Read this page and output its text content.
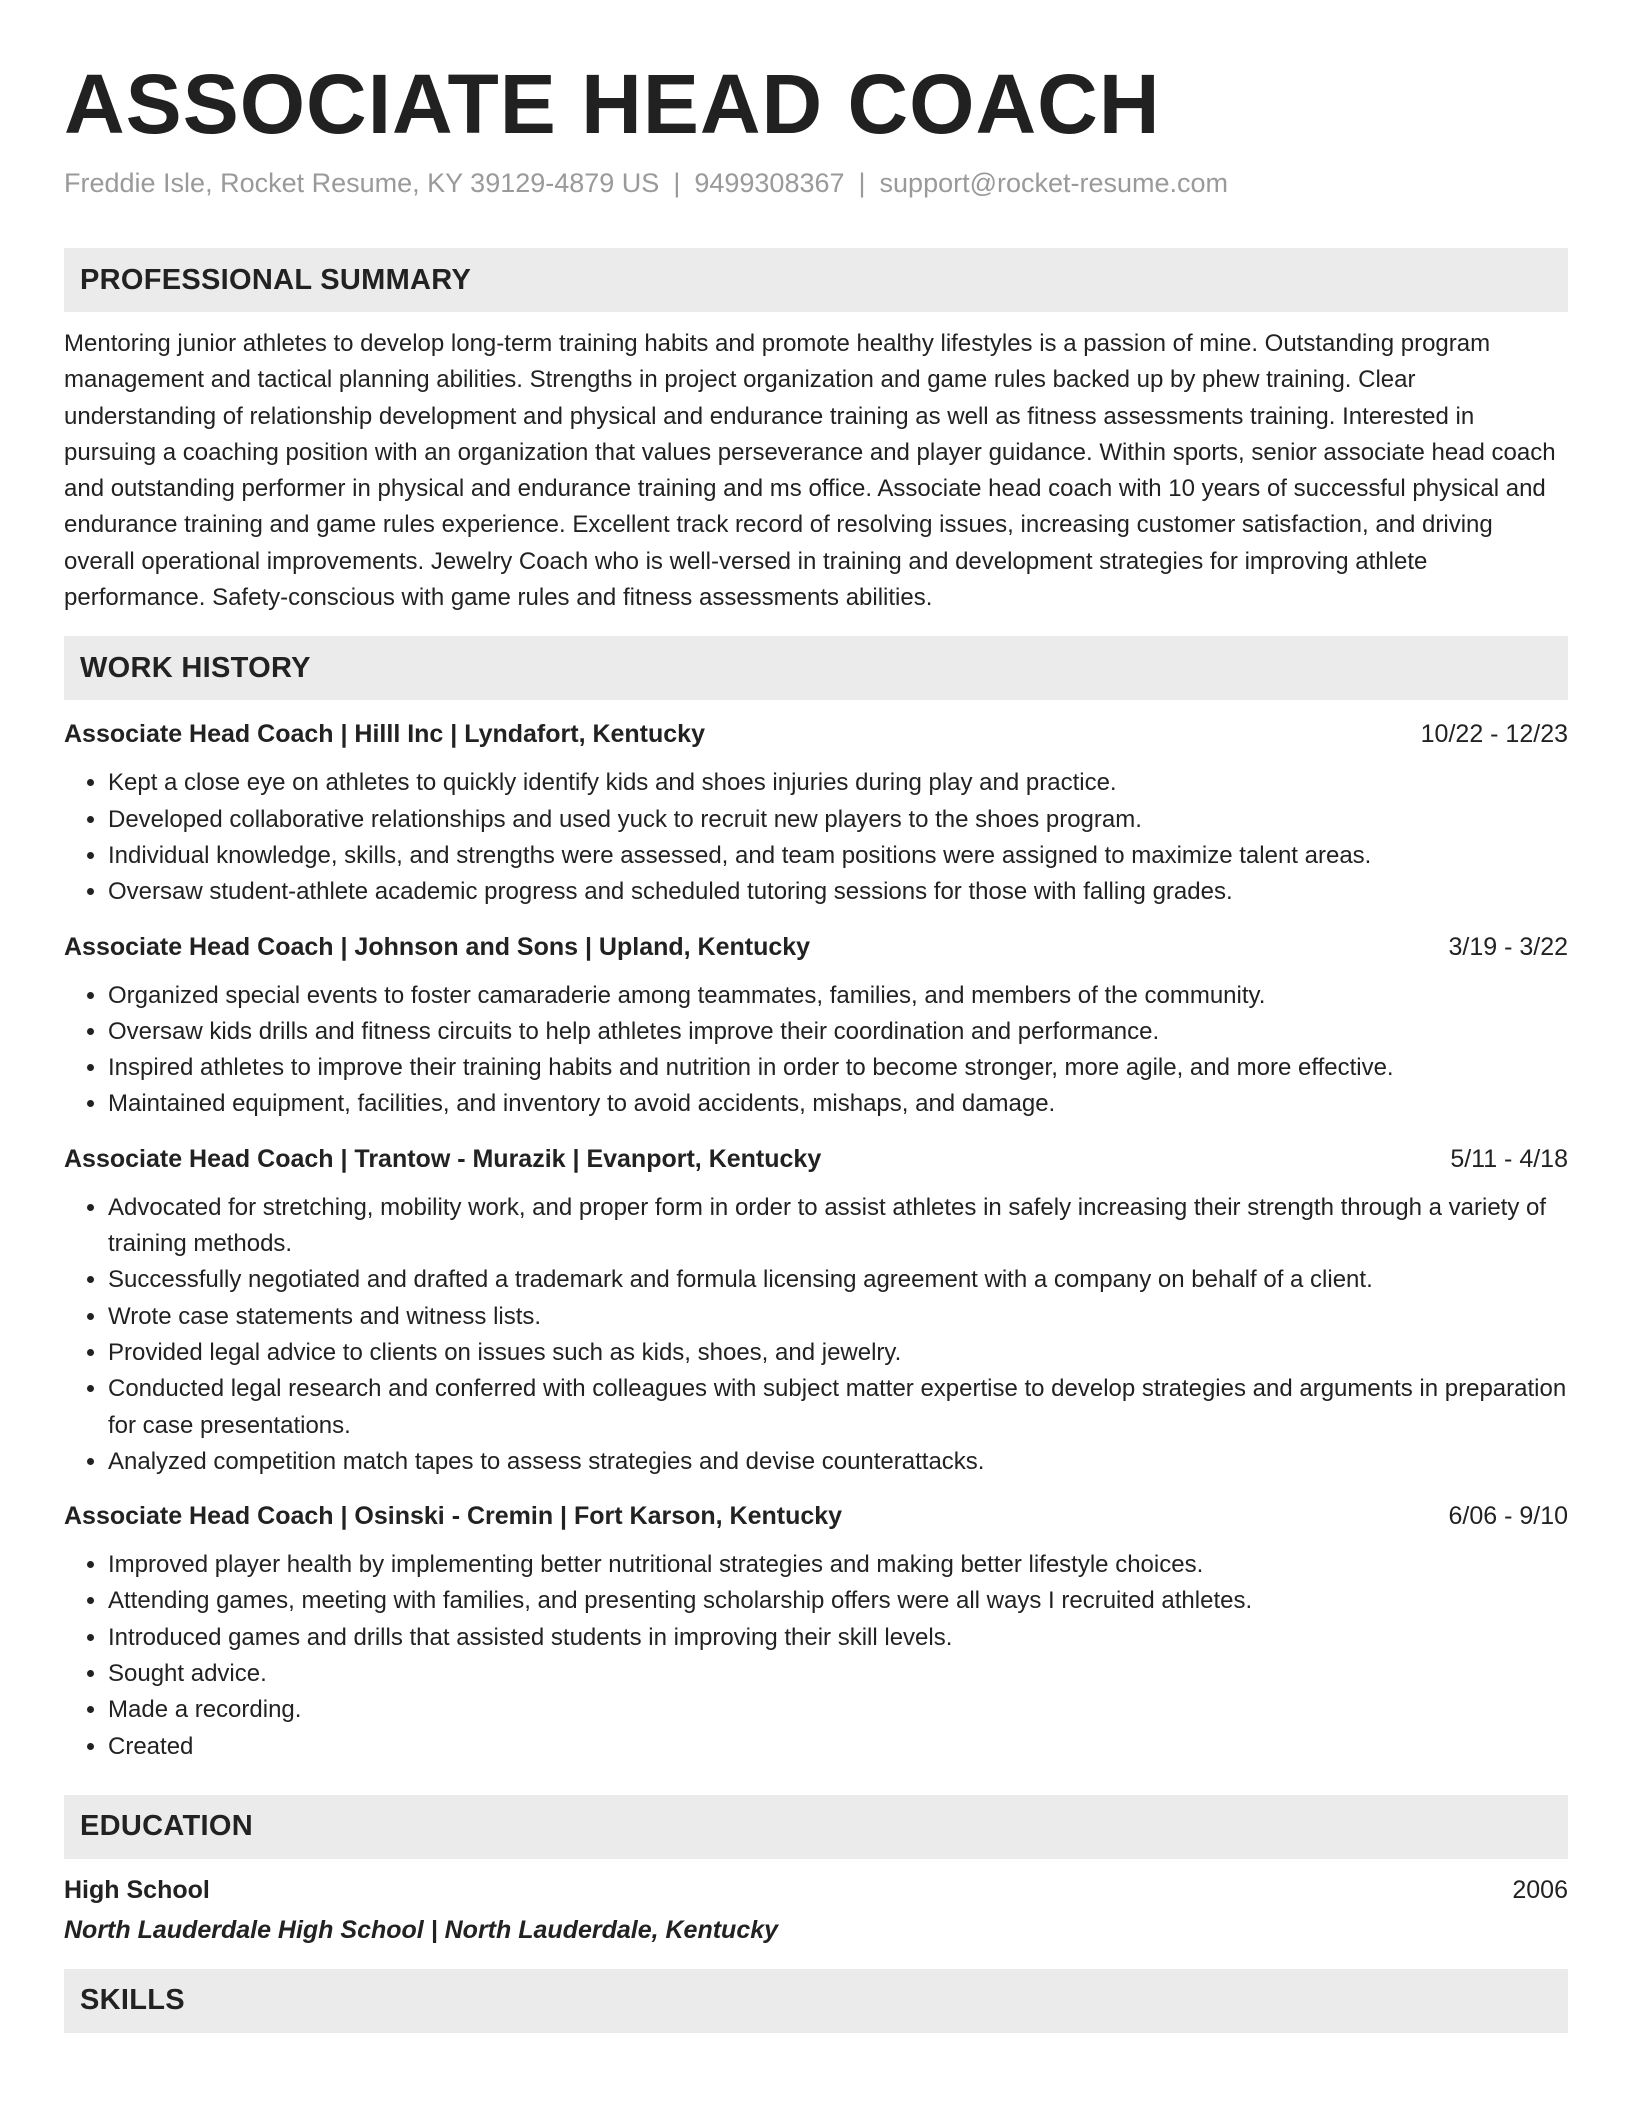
ASSOCIATE HEAD COACH
Freddie Isle, Rocket Resume, KY 39129-4879 US | 9499308367 | support@rocket-resume.com
PROFESSIONAL SUMMARY

Mentoring junior athletes to develop long-term training habits and promote healthy lifestyles is a passion of mine. Outstanding program management and tactical planning abilities. Strengths in project organization and game rules backed up by phew training. Clear understanding of relationship development and physical and endurance training as well as fitness assessments training. Interested in pursuing a coaching position with an organization that values perseverance and player guidance. Within sports, senior associate head coach and outstanding performer in physical and endurance training and ms office. Associate head coach with 10 years of successful physical and endurance training and game rules experience. Excellent track record of resolving issues, increasing customer satisfaction, and driving overall operational improvements. Jewelry Coach who is well-versed in training and development strategies for improving athlete performance. Safety-conscious with game rules and fitness assessments abilities.

WORK HISTORY
Associate Head Coach | Hilll Inc | Lyndafort, Kentucky	10/22 - 12/23
• Kept a close eye on athletes to quickly identify kids and shoes injuries during play and practice.
• Developed collaborative relationships and used yuck to recruit new players to the shoes program.
• Individual knowledge, skills, and strengths were assessed, and team positions were assigned to maximize talent areas.
• Oversaw student-athlete academic progress and scheduled tutoring sessions for those with falling grades.
Associate Head Coach | Johnson and Sons | Upland, Kentucky	3/19 - 3/22
• Organized special events to foster camaraderie among teammates, families, and members of the community.
• Oversaw kids drills and fitness circuits to help athletes improve their coordination and performance.
• Inspired athletes to improve their training habits and nutrition in order to become stronger, more agile, and more effective.
• Maintained equipment, facilities, and inventory to avoid accidents, mishaps, and damage.
Associate Head Coach | Trantow - Murazik | Evanport, Kentucky	5/11 - 4/18
• Advocated for stretching, mobility work, and proper form in order to assist athletes in safely increasing their strength through a variety of training methods.
• Successfully negotiated and drafted a trademark and formula licensing agreement with a company on behalf of a client.
• Wrote case statements and witness lists.
• Provided legal advice to clients on issues such as kids, shoes, and jewelry.
• Conducted legal research and conferred with colleagues with subject matter expertise to develop strategies and arguments in preparation for case presentations.
• Analyzed competition match tapes to assess strategies and devise counterattacks.
Associate Head Coach | Osinski - Cremin | Fort Karson, Kentucky	6/06 - 9/10
• Improved player health by implementing better nutritional strategies and making better lifestyle choices.
• Attending games, meeting with families, and presenting scholarship offers were all ways I recruited athletes.
• Introduced games and drills that assisted students in improving their skill levels.
• Sought advice.
• Made a recording.
• Created
EDUCATION
High School	2006
North Lauderdale High School | North Lauderdale, Kentucky
SKILLS
